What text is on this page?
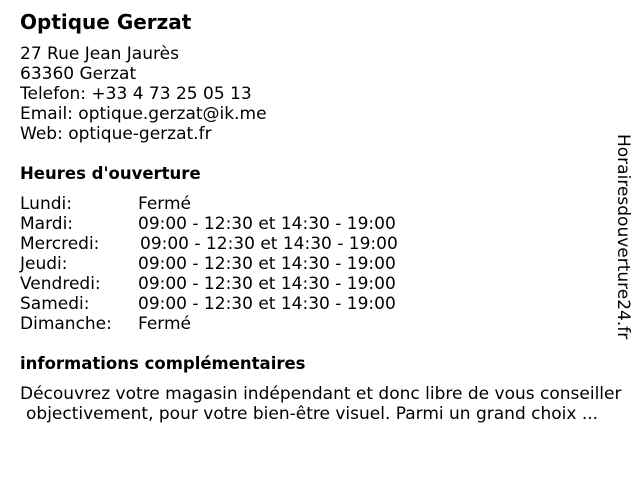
Optique Gerzat
27 Rue Jean Jaurès
63360 Gerzat
Telefon: +33 4 73 25 05 13
Email: optique.gerzat@ik.me
Web: optique-gerzat.fr
Heures d'ouverture
Lundi:	Fermé
Mardi:	09:00 - 12:30 et 14:30 - 19:00
Mercredi: 09:00 - 12:30 et 14:30 - 19:00
Jeudi:	09:00 - 12:30 et 14:30 - 19:00
Vendredi: 09:00 - 12:30 et 14:30 - 19:00
Samedi:	09:00 - 12:30 et 14:30 - 19:00
Dimanche: Fermé
informations complémentaires
Découvrez votre magasin indépendant et donc libre de vous conseiller
objectivement, pour votre bien-être visuel. Parmi un grand choix ...
Horairesdouverture24.fr
